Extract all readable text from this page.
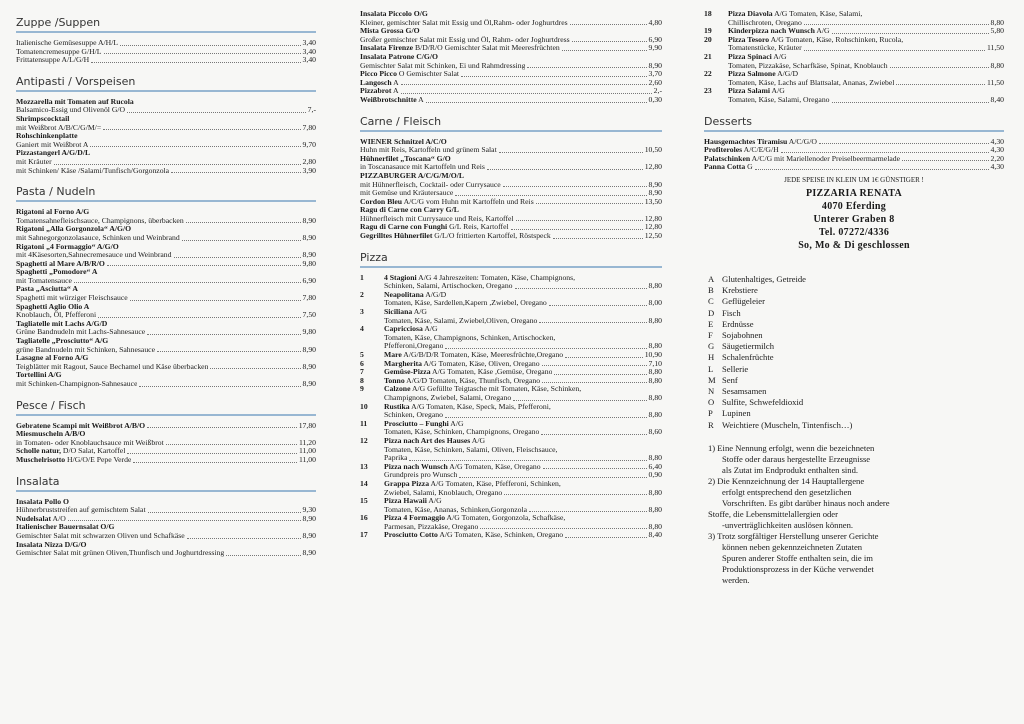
Zuppe /Suppen
Italienische Gemüsesuppe A/H/L	3,40
Tomatencremesuppe G/H/L	3,40
Frittatensuppe A/L/G/H	3,40
Antipasti / Vorspeisen
Mozzarella mit Tomaten auf Rucola
Balsamico-Essig und Olivenöl G/O	7,-
Shrimpscocktail
mit Weißbrot A/B/C/G/M/=	7,80
Rohschinkenplatte
Ganiert mit Weißbrot A	9,70
Pizzastangerl A/G/D/L
mit Kräuter	2,80
mit Schinken/ Käse /Salami/Tunfisch/Gorgonzola	3,90
Pasta / Nudeln
Rigatoni al Forno A/G
Tomatensahnefleischsauce, Champignons, überbacken	8,90
Rigatoni „Alla Gorgonzola“ A/G/O
mit Sahnegorgonzolasauce, Schinken und Weinbrand	8,90
Rigatoni „4 Formaggio“ A/G/O
mit 4Käsesorten,Sahnecremesauce und Weinbrand	8,90
Spaghetti al Mare A/B/R/O	9,80
Spaghetti „Pomodore“ A
mit Tomatensauce	6,90
Pasta „Asciutta“ A
Spaghetti mit würziger Fleischsauce	7,80
Spaghetti Aglio Olio A
Knoblauch, Öl, Pfefferoni	7,50
Tagliatelle mit Lachs A/G/D
Grüne Bandnudeln mit Lachs-Sahnesauce	9,80
Tagliatelle „Prosciutto“ A/G
grüne Bandnudeln mit Schinken, Sahnesauce	8,90
Lasagne al Forno A/G
Teigblätter mit Ragout, Sauce Bechamel und Käse überbacken	8,90
Tortellini A/G
mit Schinken-Champignon-Sahnesauce	8,90
Pesce / Fisch
Gebratene Scampi mit Weißbrot A/B/O	17,80
Miesmuscheln A/B/O
in Tomaten- oder Knoblauchsauce mit Weißbrot	11,20
Scholle natur, D/O Salat, Kartoffel	11,00
Muschelrisotto H/G/O/E Pepe Verde	11,00
Insalata
Insalata Pollo O
Hühnerbruststreifen auf gemischtem Salat	9,30
Nudelsalat A/O	8,90
Italienischer Bauernsalat O/G
Gemischter Salat mit schwarzen Oliven und Schafkäse	8,90
Insalata Nizza D/G/O
Gemischter Salat mit grünen Oliven,Thunfisch und Joghurtdressing	8,90
Insalata Piccolo O/G
Kleiner, gemischter Salat mit Essig und Öl,Rahm- oder Joghurtdres	4,80
Mista Grossa G/O
Großer gemischter Salat mit Essig und Öl, Rahm- oder Joghurtdress	6,90
Insalata Firenze B/D/R/O Gemischter Salat mit Meeresfrüchten	9,90
Insalata Patrone C/G/O
Gemischter Salat mit Schinken, Ei und Rahmdressing	8,90
Picco Picco O Gemischter Salat	3,70
Langosch A	2,60
Pizzabrot A	2,-
Weißbrotschnitte A	0,30
Carne / Fleisch
WIENER Schnitzel A/C/O
Huhn mit Reis, Kartoffeln und grünem Salat	10,50
Hühnerfilet „Toscana“ G/O
in Toscanasauce mit Kartoffeln und Reis	12,80
PIZZABURGER A/C/G/M/O/L
mit Hühnerfleisch, Cocktail- oder Currysauce	8,90
mit Gemüse und Kräutersauce	8,90
Cordon Bleu A/C/G vom Huhn mit Kartoffeln und Reis	13,50
Ragu di Carne con Carry G/L
Hühnerfleisch mit Currysauce und Reis, Kartoffel	12,80
Ragu di Carne con Funghi G/L Reis, Kartoffel	12,80
Gegrilltes Hühnerfilet G/L/O frittierten Kartoffel, Röstspeck	12,50
Pizza
1	4 Stagioni A/G 4 Jahreszeiten: Tomaten, Käse, Champignons,
Schinken, Salami, Artischocken, Oregano	8,80
2	Neapolitana A/G/D
Tomaten, Käse, Sardellen,Kapern ,Zwiebel, Oregano	8,00
3	Siciliana A/G
Tomaten, Käse, Salami, Zwiebel,Oliven, Oregano	8,80
4	Capricciosa A/G
Tomaten, Käse, Champignons, Schinken, Artischocken,
Pfefferoni,Oregano	8,80
5	Mare A/G/B/D/R Tomaten, Käse, Meeresfrüchte,Oregano	10,90
6	Margherita A/G Tomaten, Käse, Oliven, Oregano	7,10
7	Gemüse-Pizza A/G Tomaten, Käse ,Gemüse, Oregano	8,80
8	Tonno A/G/D Tomaten, Käse, Thunfisch, Oregano	8,80
9	Calzone A/G Gefüllte Teigtasche mit Tomaten, Käse, Schinken,
Champignons, Zwiebel, Salami, Oregano	8,80
10	Rustika A/G Tomaten, Käse, Speck, Mais, Pfefferoni,
Schinken, Oregano	8,80
11	Prosciutto – Funghi A/G
Tomaten, Käse, Schinken, Champignons, Oregano	8,60
12	Pizza nach Art des Hauses A/G
Tomaten, Käse, Schinken, Salami, Oliven, Fleischsauce,
Paprika	8,80
13	Pizza nach Wunsch A/G Tomaten, Käse, Oregano	6,40
Grundpreis pro Wunsch	0,90
14	Grappa Pizza A/G Tomaten, Käse, Pfefferoni, Schinken,
Zwiebel, Salami, Knoblauch, Oregano	8,80
15	Pizza Hawaii A/G
Tomaten, Käse, Ananas, Schinken,Gorgonzola	8,80
16	Pizza 4 Formaggio A/G Tomaten, Gorgonzola, Schafkäse,
Parmesan, Pizzakäse, Oregano	8,80
17	Prosciutto Cotto A/G Tomaten, Käse, Schinken, Oregano	8,40
18	Pizza Diavola A/G Tomaten, Käse, Salami,
Chillischroten, Oregano	8,80
19	Kinderpizza nach Wunsch A/G	5,80
20	Pizza Tesoro A/G Tomaten, Käse, Rohschinken, Rucola,
Tomatenstücke, Kräuter	11,50
21	Pizza Spinaci A/G
Tomaten, Pizzakäse, Scharfkäse, Spinat, Knoblauch	8,80
22	Pizza Salmone A/G/D
Tomaten, Käse, Lachs auf Blattsalat, Ananas, Zwiebel	11,50
23	Pizza Salami A/G
Tomaten, Käse, Salami, Oregano	8,40
Desserts
Hausgemachtes Tiramisu A/C/G/O	4,30
Profiteroles A/C/E/G/H	4,30
Palatschinken A/C/G mit Mariellenoder Preiselbeermarmelade	2,20
Panna Cotta G	4,30
JEDE SPEISE IN KLEIN UM 1€ GÜNSTIGER !
PIZZARIA RENATA
4070 Eferding
Unterer Graben 8
Tel. 07272/4336
So, Mo & Di geschlossen
A Glutenhaltiges, Getreide
B Krebstiere
C Geflügeleier
D Fisch
E Erdnüsse
F Sojabohnen
G Säugetiermilch
H Schalenfrüchte
L Sellerie
M Senf
N Sesamsamen
O Sulfite, Schwefeldioxid
P Lupinen
R Weichtiere (Muscheln, Tintenfisch…)
1) Eine Nennung erfolgt, wenn die bezeichneten
Stoffe oder daraus hergestellte Erzeugnisse
als Zutat im Endprodukt enthalten sind.
2) Die Kennzeichnung der 14 Hauptallergene
erfolgt entsprechend den gesetzlichen
Vorschriften. Es gibt darüber hinaus noch andere
Stoffe, die Lebensmittelallergien oder
-unverträglichkeiten auslösen können.
3) Trotz sorgfältiger Herstellung unserer Gerichte
können neben gekennzeichneten Zutaten
Spuren anderer Stoffe enthalten sein, die im
Produktionsprozess in der Küche verwendet
werden.
